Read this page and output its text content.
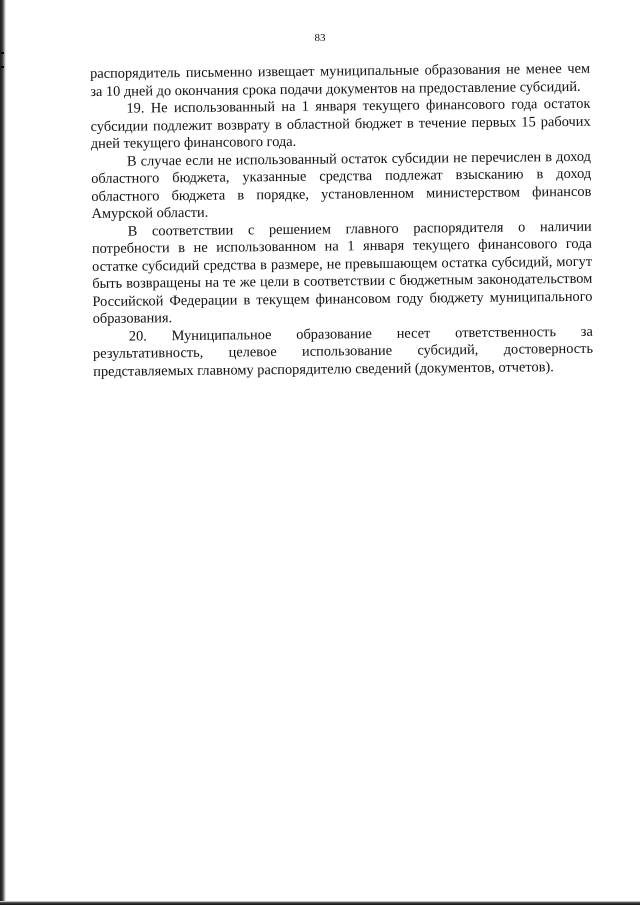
83

распорядитель письменно извещает муниципальные образования не менее чем за 10 дней до окончания срока подачи документов на предоставление субсидий.

19. Не использованный на 1 января текущего финансового года остаток субсидии подлежит возврату в областной бюджет в течение первых 15 рабочих дней текущего финансового года.

В случае если не использованный остаток субсидии не перечислен в доход областного бюджета, указанные средства подлежат взысканию в доход областного бюджета в порядке, установленном министерством финансов Амурской области.

В соответствии с решением главного распорядителя о наличии потребности в не использованном на 1 января текущего финансового года остатке субсидий средства в размере, не превышающем остатка субсидий, могут быть возвращены на те же цели в соответствии с бюджетным законодательством Российской Федерации в текущем финансовом году бюджету муниципального образования.

20. Муниципальное образование несет ответственность за результативность, целевое использование субсидий, достоверность представляемых главному распорядителю сведений (документов, отчетов).
